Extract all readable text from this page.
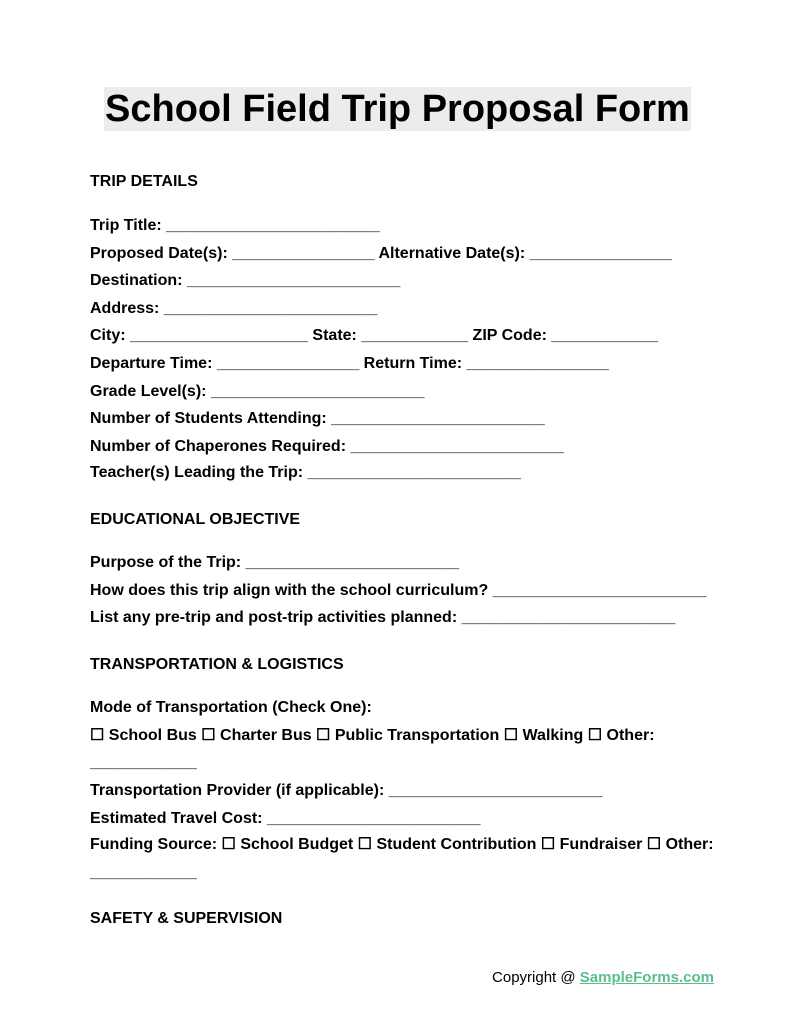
School Field Trip Proposal Form
TRIP DETAILS
Trip Title: ________________________
Proposed Date(s): ________________ Alternative Date(s): ________________
Destination: ________________________
Address: ________________________
City: ____________________ State: ____________ ZIP Code: ____________
Departure Time: ________________ Return Time: ________________
Grade Level(s): ________________________
Number of Students Attending: ________________________
Number of Chaperones Required: ________________________
Teacher(s) Leading the Trip: ________________________
EDUCATIONAL OBJECTIVE
Purpose of the Trip: ________________________
How does this trip align with the school curriculum? ________________________
List any pre-trip and post-trip activities planned: ________________________
TRANSPORTATION & LOGISTICS
Mode of Transportation (Check One):
☐ School Bus ☐ Charter Bus ☐ Public Transportation ☐ Walking ☐ Other:
____________
Transportation Provider (if applicable): ________________________
Estimated Travel Cost: ________________________
Funding Source: ☐ School Budget ☐ Student Contribution ☐ Fundraiser ☐ Other:
____________
SAFETY & SUPERVISION
Copyright @ SampleForms.com
